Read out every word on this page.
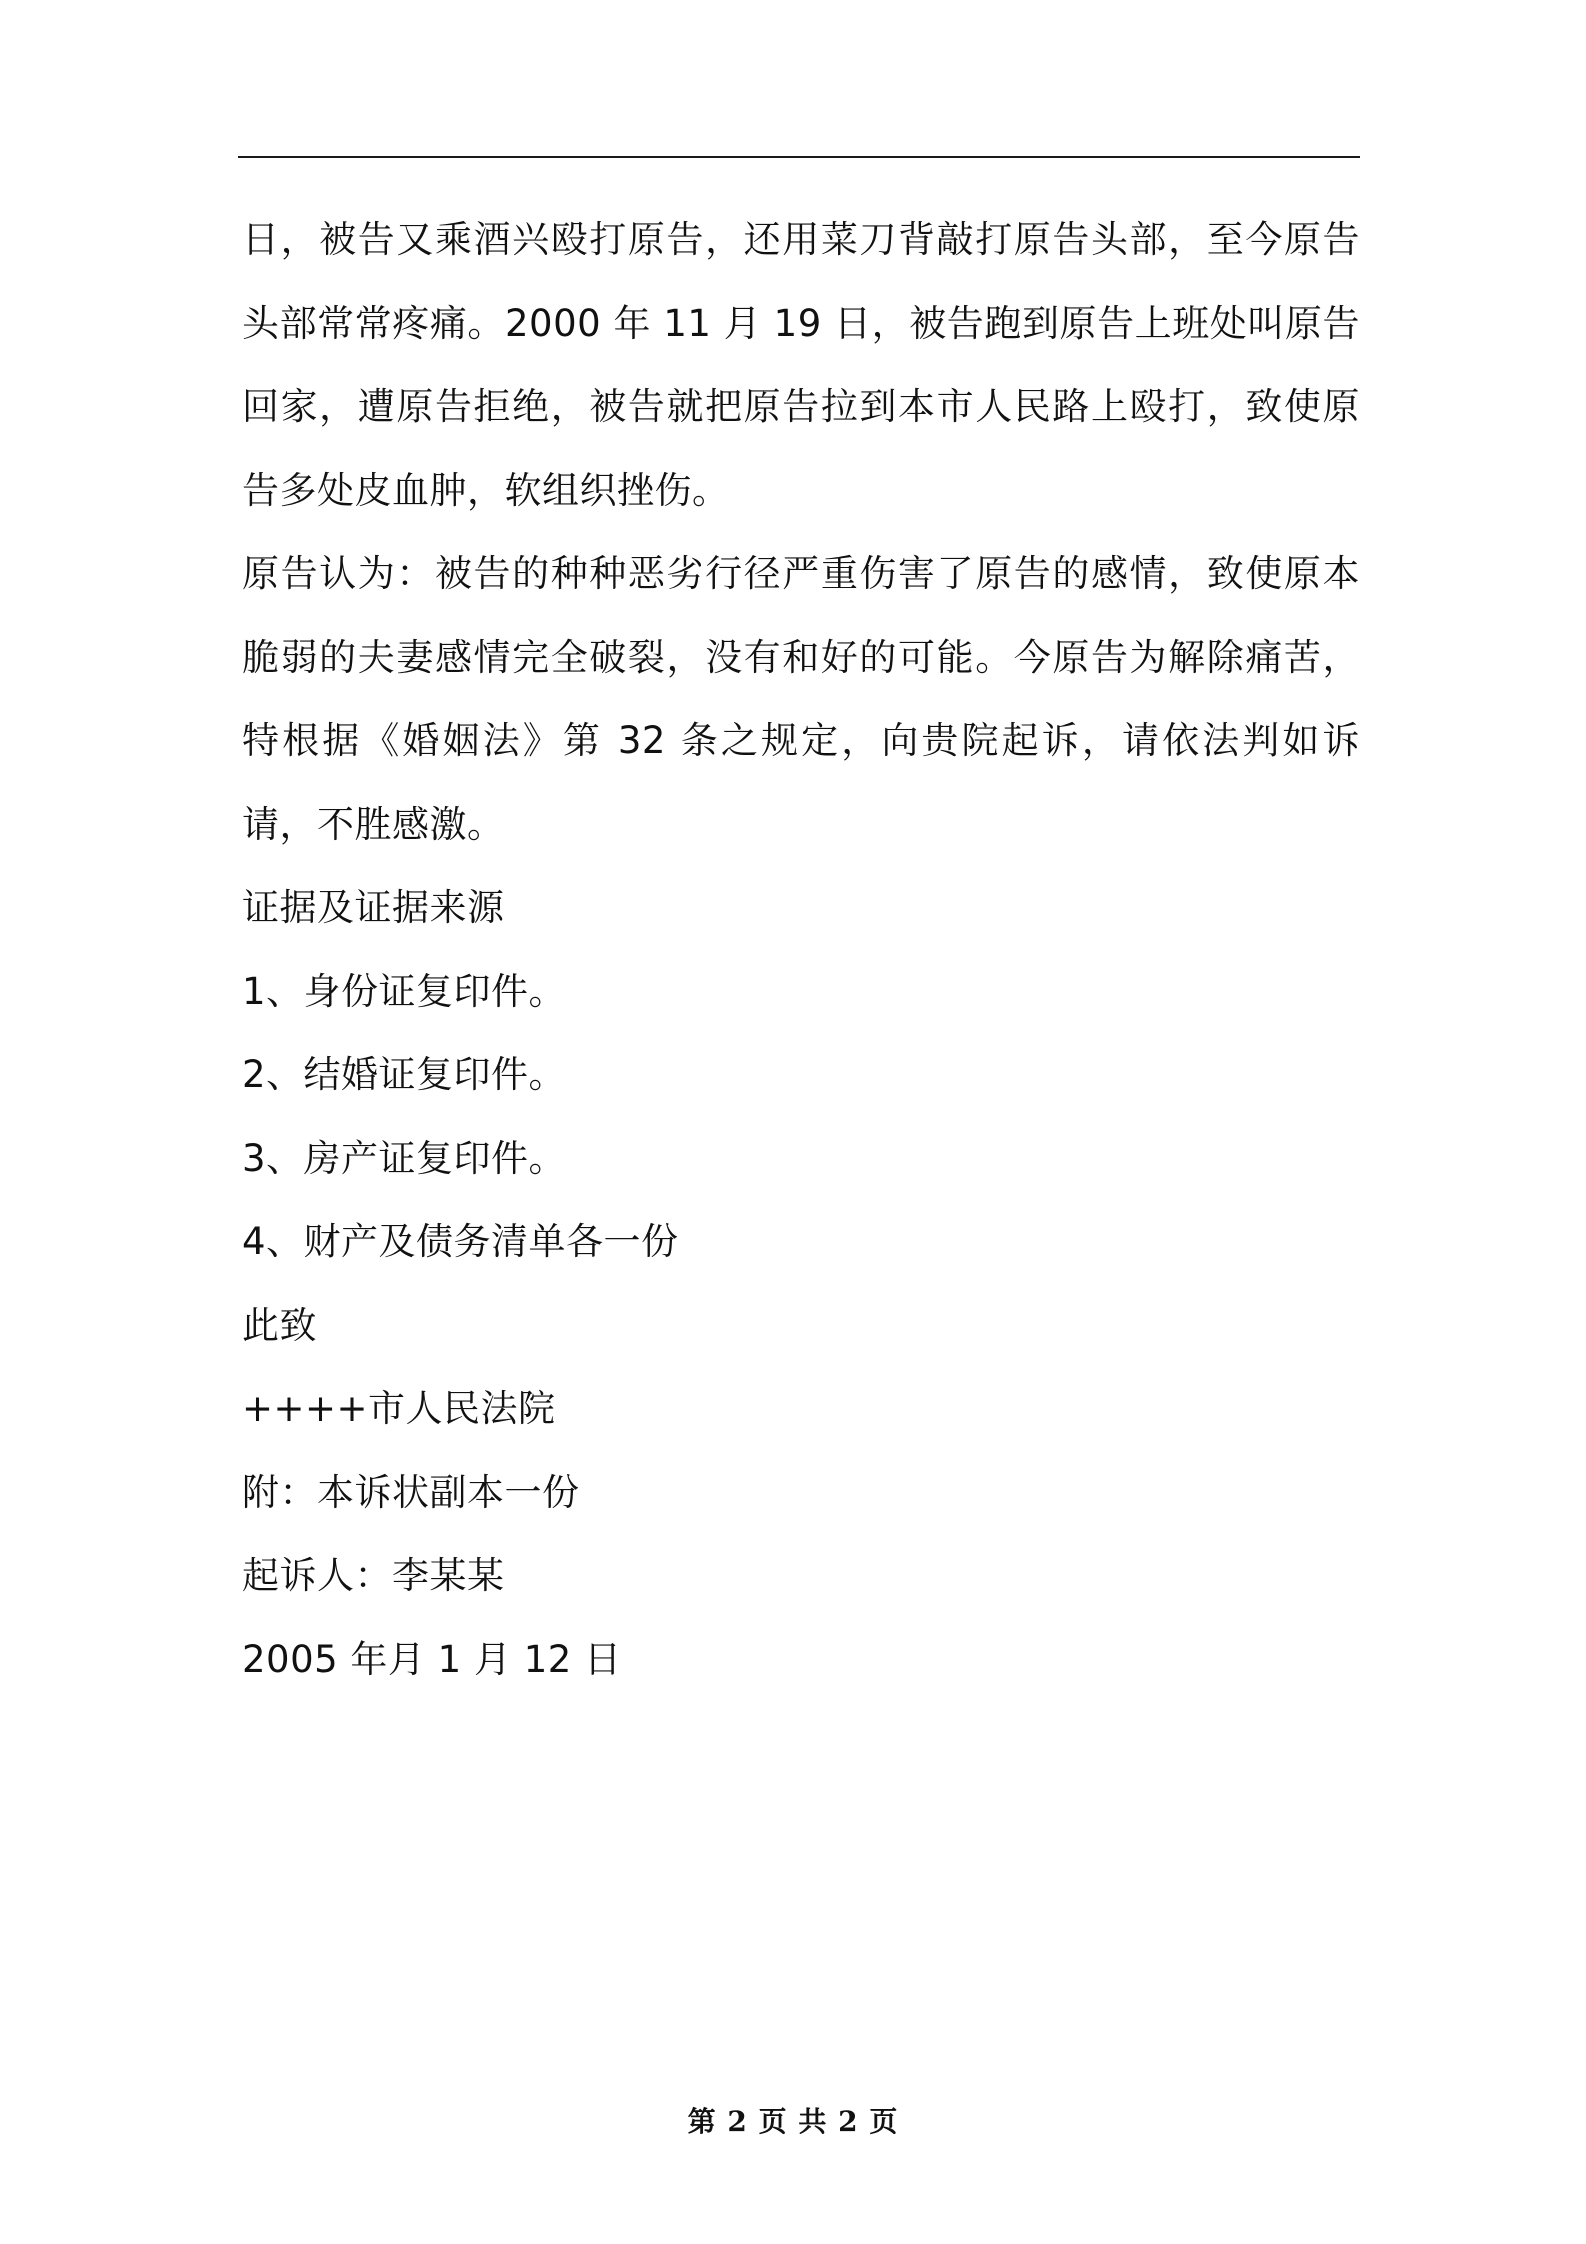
日，被告又乘酒兴殴打原告，还用菜刀背敲打原告头部，至今原告头部常常疼痛。2000 年 11 月 19 日，被告跑到原告上班处叫原告回家，遭原告拒绝，被告就把原告拉到本市人民路上殴打，致使原告多处皮血肿，软组织挫伤。

原告认为：被告的种种恶劣行径严重伤害了原告的感情，致使原本脆弱的夫妻感情完全破裂，没有和好的可能。今原告为解除痛苦，特根据《婚姻法》第 32 条之规定，向贵院起诉，请依法判如诉请，不胜感激。

证据及证据来源

1、身份证复印件。

2、结婚证复印件。

3、房产证复印件。

4、财产及债务清单各一份

此致

++++市人民法院

附：本诉状副本一份

起诉人：李某某

2005 年月 1 月 12 日

第 2 页 共 2 页
